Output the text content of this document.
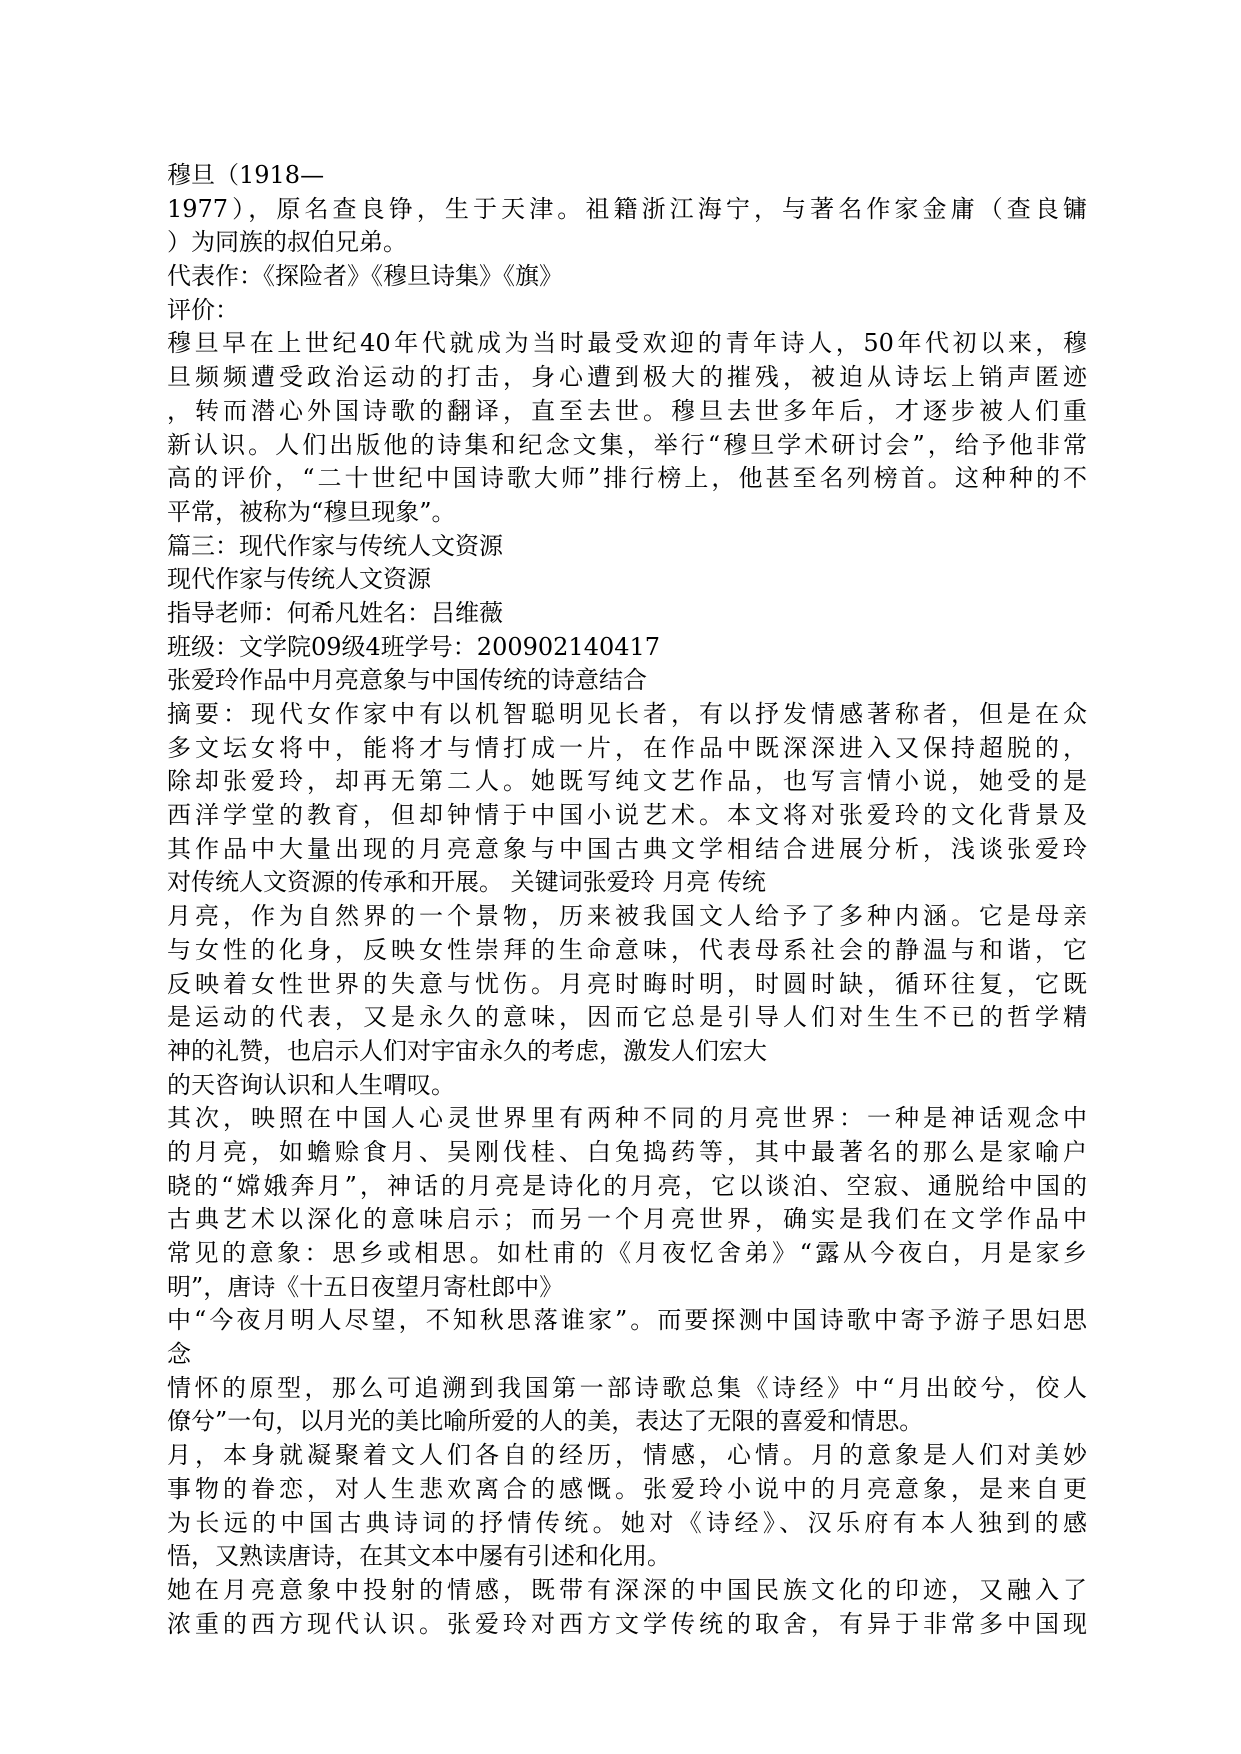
穆旦（1918—
1977），原名查良铮，生于天津。祖籍浙江海宁，与著名作家金庸（查良镛
）为同族的叔伯兄弟。
代表作：《探险者》《穆旦诗集》《旗》
评价：
穆旦早在上世纪40年代就成为当时最受欢迎的青年诗人，50年代初以来，穆
旦频频遭受政治运动的打击，身心遭到极大的摧残，被迫从诗坛上销声匿迹
，转而潜心外国诗歌的翻译，直至去世。穆旦去世多年后，才逐步被人们重
新认识。人们出版他的诗集和纪念文集，举行“穆旦学术研讨会”，给予他非常
高的评价，“二十世纪中国诗歌大师”排行榜上，他甚至名列榜首。这种种的不
平常，被称为“穆旦现象”。
篇三：现代作家与传统人文资源
现代作家与传统人文资源
指导老师：何希凡姓名：吕维薇
班级：文学院09级4班学号：200902140417
张爱玲作品中月亮意象与中国传统的诗意结合
摘要：现代女作家中有以机智聪明见长者，有以抒发情感著称者，但是在众
多文坛女将中，能将才与情打成一片，在作品中既深深进入又保持超脱的，
除却张爱玲，却再无第二人。她既写纯文艺作品，也写言情小说，她受的是
西洋学堂的教育，但却钟情于中国小说艺术。本文将对张爱玲的文化背景及
其作品中大量出现的月亮意象与中国古典文学相结合进展分析，浅谈张爱玲
对传统人文资源的传承和开展。 关键词张爱玲 月亮 传统
月亮，作为自然界的一个景物，历来被我国文人给予了多种内涵。它是母亲
与女性的化身，反映女性崇拜的生命意味，代表母系社会的静温与和谐，它
反映着女性世界的失意与忧伤。月亮时晦时明，时圆时缺，循环往复，它既
是运动的代表，又是永久的意味，因而它总是引导人们对生生不已的哲学精
神的礼赞，也启示人们对宇宙永久的考虑，激发人们宏大
的天咨询认识和人生喟叹。
其次，映照在中国人心灵世界里有两种不同的月亮世界：一种是神话观念中
的月亮，如蟾赊食月、吴刚伐桂、白兔捣药等，其中最著名的那么是家喻户
晓的“嫦娥奔月”，神话的月亮是诗化的月亮，它以谈泊、空寂、通脱给中国的
古典艺术以深化的意味启示；而另一个月亮世界，确实是我们在文学作品中
常见的意象：思乡或相思。如杜甫的《月夜忆舍弟》“露从今夜白，月是家乡
明”，唐诗《十五日夜望月寄杜郎中》
中“今夜月明人尽望，不知秋思落谁家”。而要探测中国诗歌中寄予游子思妇思
念
情怀的原型，那么可追溯到我国第一部诗歌总集《诗经》中“月出皎兮，佼人
僚兮”一句，以月光的美比喻所爱的人的美，表达了无限的喜爱和情思。
月，本身就凝聚着文人们各自的经历，情感，心情。月的意象是人们对美妙
事物的眷恋，对人生悲欢离合的感慨。张爱玲小说中的月亮意象，是来自更
为长远的中国古典诗词的抒情传统。她对《诗经》、汉乐府有本人独到的感
悟，又熟读唐诗，在其文本中屡有引述和化用。
她在月亮意象中投射的情感，既带有深深的中国民族文化的印迹，又融入了
浓重的西方现代认识。张爱玲对西方文学传统的取舍，有异于非常多中国现
